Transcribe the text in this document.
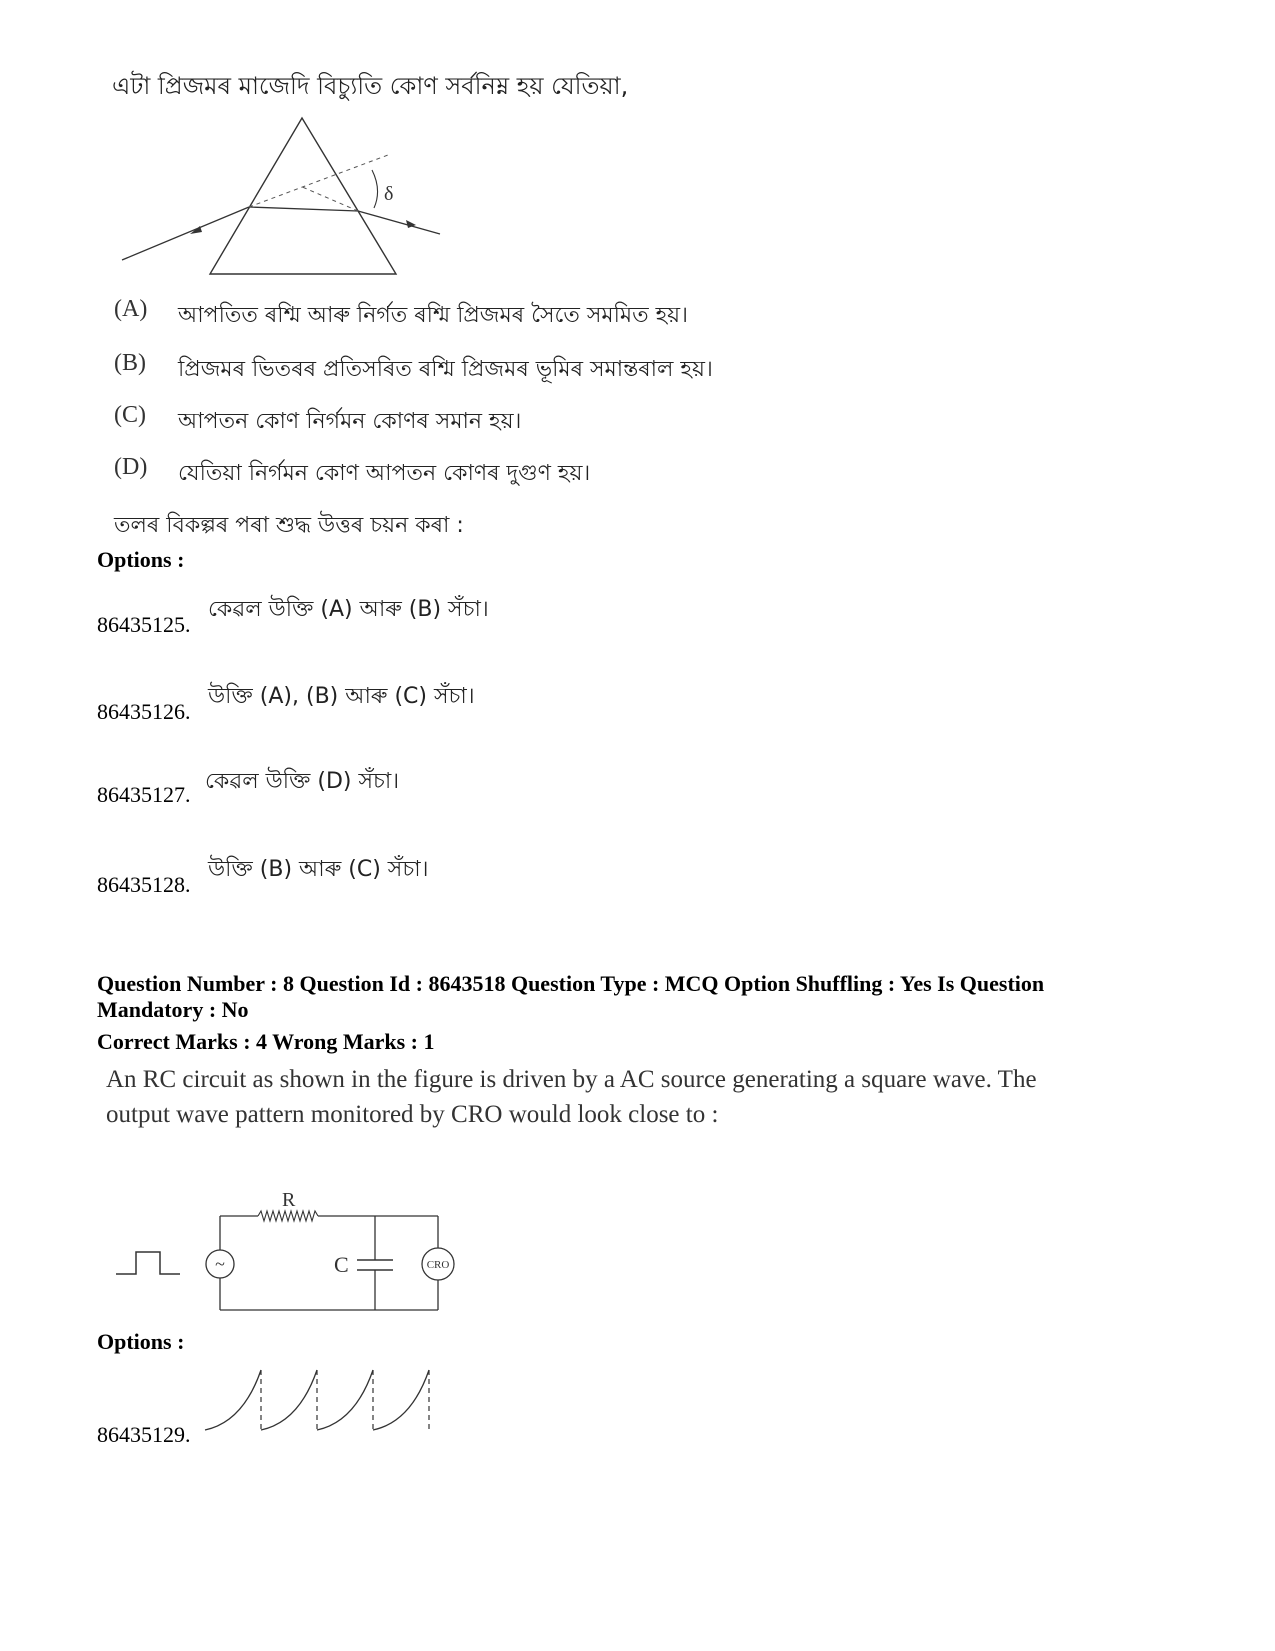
এটা প্ৰিজমৰ মাজেদি বিচ্যুতি কোণ সৰ্বনিম্ন হয় যেতিয়া,
δ
(A) আপতিত ৰশ্মি আৰু নিৰ্গত ৰশ্মি প্ৰিজমৰ সৈতে সমমিত হয়।
(B) প্ৰিজমৰ ভিতৰৰ প্ৰতিসৰিত ৰশ্মি প্ৰিজমৰ ভূমিৰ সমান্তৰাল হয়।
(C) আপতন কোণ নিৰ্গমন কোণৰ সমান হয়।
(D) যেতিয়া নিৰ্গমন কোণ আপতন কোণৰ দুগুণ হয়।
তলৰ বিকল্পৰ পৰা শুদ্ধ উত্তৰ চয়ন কৰা :
Options :
86435125.
কেৱল উক্তি (A) আৰু (B) সঁচা।
86435126.
উক্তি (A), (B) আৰু (C) সঁচা।
86435127.
কেৱল উক্তি (D) সঁচা।
86435128.
উক্তি (B) আৰু (C) সঁচা।
Question Number : 8 Question Id : 8643518 Question Type : MCQ Option Shuffling : Yes Is Question
Mandatory : No
Correct Marks : 4 Wrong Marks : 1
An RC circuit as shown in the figure is driven by a AC source generating a square wave. The
output wave pattern monitored by CRO would look close to :
~
R
C	CRO
Options :
86435129.
